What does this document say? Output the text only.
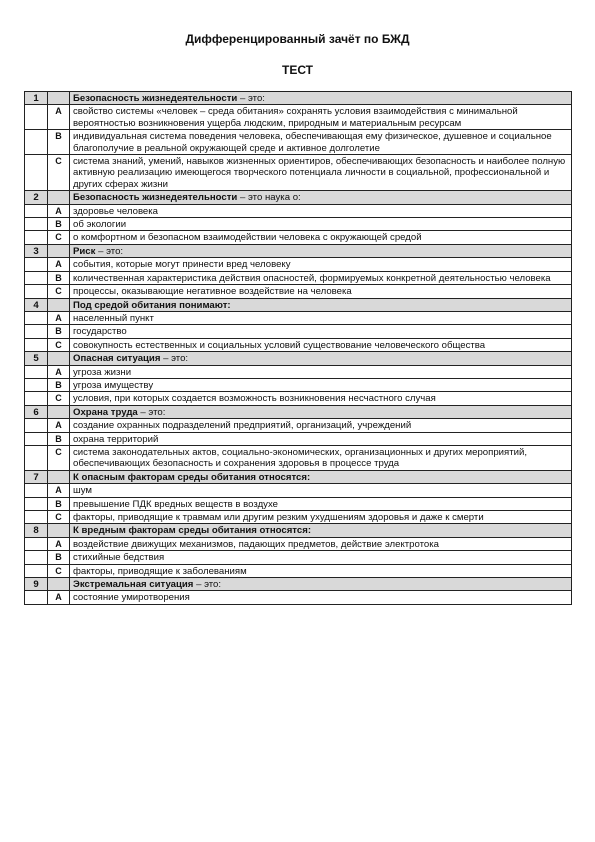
Дифференцированный зачёт по БЖД
ТЕСТ
1		Безопасность жизнедеятельности – это:
	A	свойство системы «человек – среда обитания» сохранять условия взаимодействия с минимальной вероятностью возникновения ущерба людским, природным и материальным ресурсам
	B	индивидуальная система поведения человека, обеспечивающая ему физическое, душевное и социальное благополучие в реальной окружающей среде и активное долголетие
	C	система знаний, умений, навыков жизненных ориентиров, обеспечивающих безопасность и наиболее полную активную реализацию имеющегося творческого потенциала личности в социальной, профессиональной и других сферах жизни
2		Безопасность жизнедеятельности – это наука о:
	A	здоровье человека
	B	об экологии
	C	о комфортном и безопасном взаимодействии человека с окружающей средой
3		Риск – это:
	A	события, которые могут принести вред человеку
	B	количественная характеристика действия опасностей, формируемых конкретной деятельностью человека
	C	процессы, оказывающие негативное воздействие на человека
4		Под средой обитания понимают:
	A	населенный пункт
	B	государство
	C	совокупность естественных и социальных условий существование человеческого общества
5		Опасная ситуация – это:
	A	угроза жизни
	B	угроза имуществу
	C	условия, при которых создается возможность возникновения несчастного случая
6		Охрана труда – это:
	A	создание охранных подразделений предприятий, организаций, учреждений
	B	охрана территорий
	C	система законодательных актов, социально-экономических, организационных и других мероприятий, обеспечивающих безопасность и сохранения здоровья в процессе труда
7		К опасным факторам среды обитания относятся:
	A	шум
	B	превышение ПДК вредных веществ в воздухе
	C	факторы, приводящие к травмам или другим резким ухудшениям здоровья и даже к смерти
8		К вредным факторам среды обитания относятся:
	A	воздействие движущих механизмов, падающих предметов, действие электротока
	B	стихийные бедствия
	C	факторы, приводящие к заболеваниям
9		Экстремальная ситуация – это:
	A	состояние умиротворения
